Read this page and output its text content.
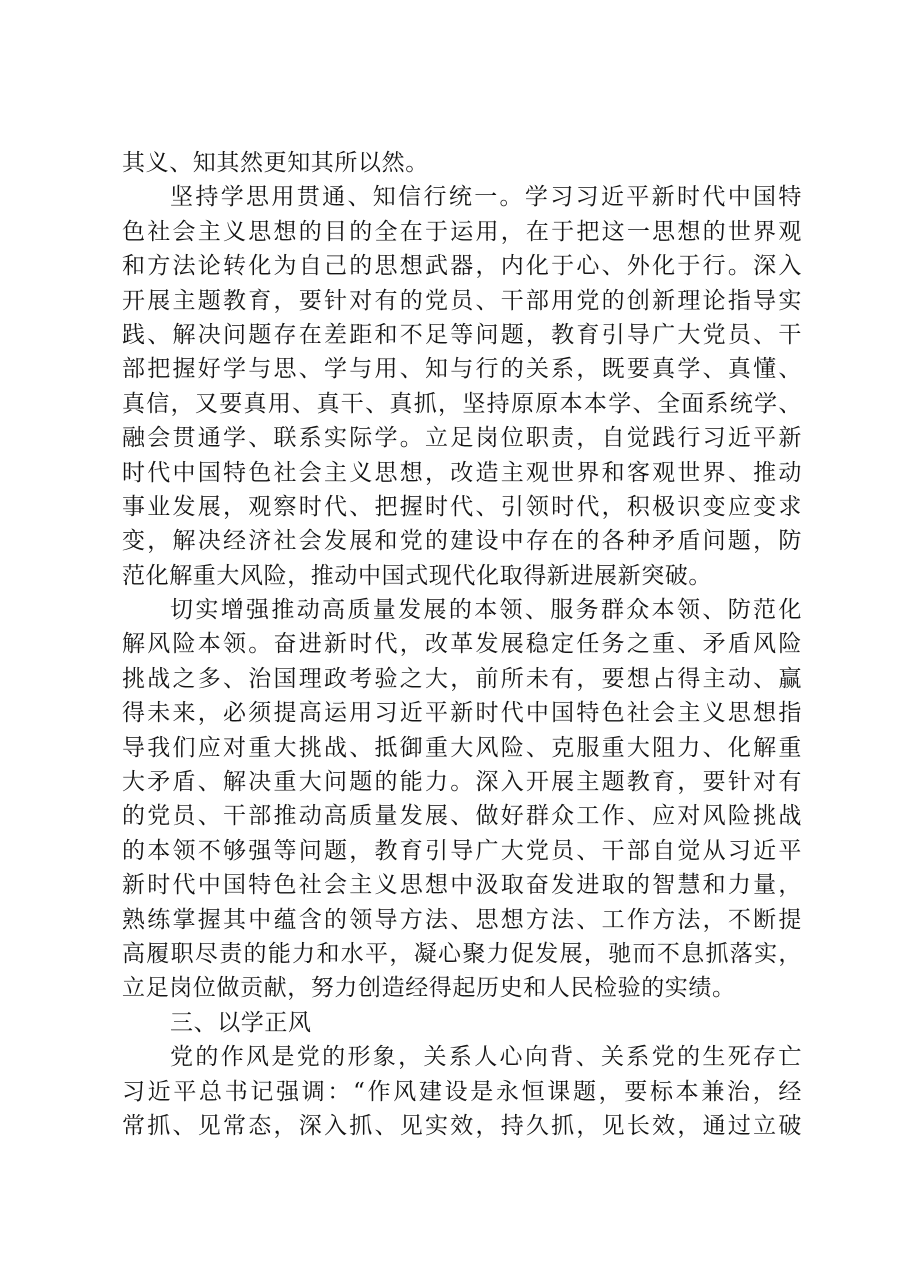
其义、知其然更知其所以然。
坚持学思用贯通、知信行统一。学习习近平新时代中国特
色社会主义思想的目的全在于运用，在于把这一思想的世界观
和方法论转化为自己的思想武器，内化于心、外化于行。深入
开展主题教育，要针对有的党员、干部用党的创新理论指导实
践、解决问题存在差距和不足等问题，教育引导广大党员、干
部把握好学与思、学与用、知与行的关系，既要真学、真懂、
真信，又要真用、真干、真抓，坚持原原本本学、全面系统学、
融会贯通学、联系实际学。立足岗位职责，自觉践行习近平新
时代中国特色社会主义思想，改造主观世界和客观世界、推动
事业发展，观察时代、把握时代、引领时代，积极识变应变求
变，解决经济社会发展和党的建设中存在的各种矛盾问题，防
范化解重大风险，推动中国式现代化取得新进展新突破。
切实增强推动高质量发展的本领、服务群众本领、防范化
解风险本领。奋进新时代，改革发展稳定任务之重、矛盾风险
挑战之多、治国理政考验之大，前所未有，要想占得主动、赢
得未来，必须提高运用习近平新时代中国特色社会主义思想指
导我们应对重大挑战、抵御重大风险、克服重大阻力、化解重
大矛盾、解决重大问题的能力。深入开展主题教育，要针对有
的党员、干部推动高质量发展、做好群众工作、应对风险挑战
的本领不够强等问题，教育引导广大党员、干部自觉从习近平
新时代中国特色社会主义思想中汲取奋发进取的智慧和力量，
熟练掌握其中蕴含的领导方法、思想方法、工作方法，不断提
高履职尽责的能力和水平，凝心聚力促发展，驰而不息抓落实，
立足岗位做贡献，努力创造经得起历史和人民检验的实绩。
三、以学正风
党的作风是党的形象，关系人心向背、关系党的生死存亡
习近平总书记强调：“作风建设是永恒课题，要标本兼治，经
常抓、见常态，深入抓、见实效，持久抓，见长效，通过立破
